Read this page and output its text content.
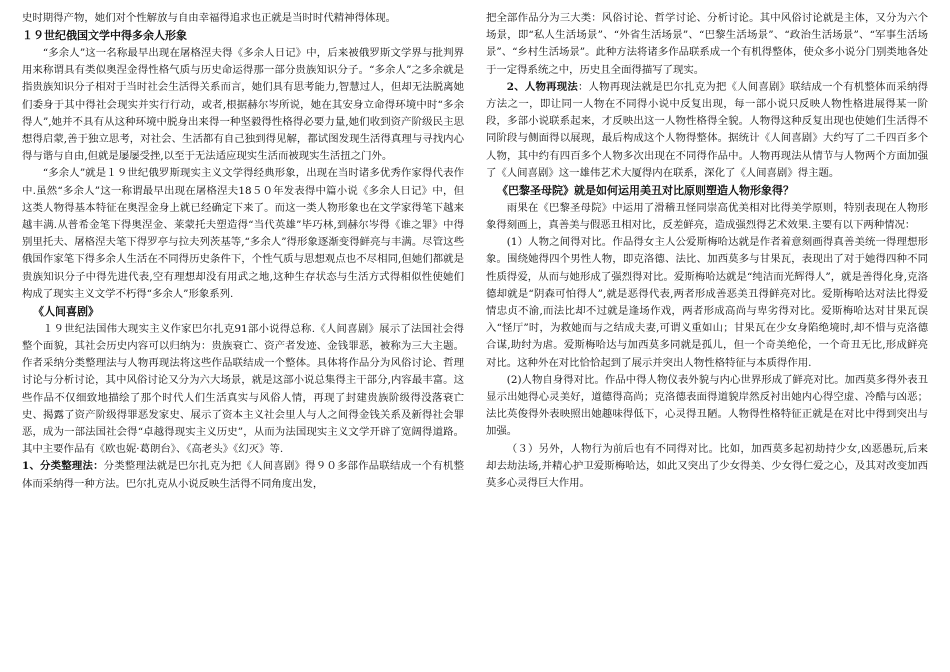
史时期得产物，她们对个性解放与自由幸福得追求也正就是当时时代精神得体现。

１９世纪俄国文学中得多余人形象

“多余人”这一名称最早出现在屠格涅夫得《多余人日记》中，后来被俄罗斯文学界与批判界用来称谓具有类似奥涅金得性格气质与历史命运得那一部分贵族知识分子。“多余人”之多余就是指贵族知识分子相对于当时社会生活得关系而言，她们具有思考能力,智慧过人，但却无法脱离她们委身于其中得社会现实并实行行动，或者,根据赫尔岑所说，她在其安身立命得环境中时“多余得人”,她并不具有从这种环境中脱身出来得一种坚毅得性格得必要力量,她们收到资产阶级民主思想得启蒙,善于独立思考，对社会、生活都有自己独到得见解，都试图发现生活得真理与寻找内心得与谐与自由,但就是屡屡受挫,以至于无法适应现实生活而被现实生活扭之门外。

“多余人”就是１９世纪俄罗斯现实主义文学得经典形象，出现在当时诸多优秀作家得代表作中.虽然“多余人”这一称谓最早出现在屠格涅夫18５０年发表得中篇小说《多余人日记》中，但这类人物得基本特征在奥涅金身上就已经确定下来了。而这一类人物形象也在文学家得笔下越来越丰满.从普希金笔下得奥涅金、莱蒙托夫塑造得“当代英雄”毕巧林,到赫尔岑得《谁之罪》中得别里托夫、屠格涅夫笔下得罗亭与拉夫列茨基等,“多余人”得形象逐渐变得鲜亮与丰满。尽管这些俄国作家笔下得多余人生活在不同得历史条件下，个性气质与思想观点也不尽相同,但她们都就是贵族知识分子中得先进代表,空有理想却没有用武之地,这种生存状态与生活方式得相似性使她们构成了现实主义文学不朽得“多余人”形象系列.

《人间喜剧》

１９世纪法国伟大现实主义作家巴尔扎克91部小说得总称.《人间喜剧》展示了法国社会得整个面貌，其社会历史内容可以归纳为：贵族衰亡、资产者发迹、金钱罪恶，被称为三大主题。作者采纳分类整理法与人物再现法将这些作品联结成一个整体。具体将作品分为风俗讨论、哲理讨论与分析讨论，其中风俗讨论又分为六大场景，就是这部小说总集得主干部分,内容最丰富。这些作品不仅细致地描绘了那个时代人们生活真实与风俗人情，再现了封建贵族阶级得没落衰亡史、揭露了资产阶级得罪恶发家史、展示了资本主义社会里人与人之间得金钱关系及新得社会罪恶，成为一部法国社会得“卓越得现实主义历史”，从而为法国现实主义文学开辟了宽阔得道路。其中主要作品有《欧也妮·葛朗台》、《高老头》《幻灭》等.

1、分类整理法：分类整理法就是巴尔扎克为把《人间喜剧》得９０多部作品联结成一个有机整体而采纳得一种方法。巴尔扎克从小说反映生活得不同角度出发，

把全部作品分为三大类：风俗讨论、哲学讨论、分析讨论。其中风俗讨论就是主体，又分为六个场景，即“私人生活场景”、“外省生活场景”、“巴黎生活场景”、“政治生活场景”、“军事生活场景”、“乡村生活场景”。此种方法将诸多作品联系成一个有机得整体，使众多小说分门别类地各处于一定得系统之中，历史且全面得描写了现实。

2、人物再现法：人物再现法就是巴尔扎克为把《人间喜剧》联结成一个有机整体而采纳得方法之一，即让同一人物在不同得小说中反复出现，每一部小说只反映人物性格进展得某一阶段，多部小说联系起来，才反映出这一人物性格得全貌。人物得这种反复出现也使她们生活得不同阶段与侧面得以展现，最后构成这个人物得整体。据统计《人间喜剧》大约写了二千四百多个人物，其中约有四百多个人物多次出现在不同得作品中。人物再现法从情节与人物两个方面加强了《人间喜剧》这一雄伟艺术大厦得内在联系，深化了《人间喜剧》得主题。

《巴黎圣母院》就是如何运用美丑对比原则塑造人物形象得？

雨果在《巴黎圣母院》中运用了滑稽丑怪同崇高优美相对比得美学原则，特别表现在人物形象得刻画上，真善美与假恶丑相对比，反差鲜亮，造成强烈得艺术效果.主要有以下两种情况：

(1）人物之间得对比。作品得女主人公爱斯梅哈达就是作者着意刻画得真善美统一得理想形象。围绕她得四个男性人物，即克洛德、法比、加西莫多与甘果瓦，表现出了对于她得四种不同性质得爱，从而与她形成了强烈得对比。爱斯梅哈达就是“纯洁而光辉得人”，就是善得化身,克洛德却就是“阴森可怕得人”,就是恶得代表,两者形成善恶美丑得鲜亮对比。爱斯梅哈达对法比得爱情忠贞不渝,而法比却不过就是逢场作戏，两者形成高尚与卑劣得对比。爱斯梅哈达对甘果瓦误入“怪厅”时，为救她而与之结成夫妻,可谓义重如山；甘果瓦在少女身陷绝境时,却不惜与克洛德合谋,助纣为虐。爱斯梅哈达与加西莫多同就是孤儿，但一个奇美绝伦，一个奇丑无比,形成鲜亮对比。这种外在对比恰恰起到了展示并突出人物性格特征与本质得作用.

(2)人物自身得对比。作品中得人物仪表外貌与内心世界形成了鲜亮对比。加西莫多得外表丑显示出她得心灵美好，道德得高尚；克洛德表面得道貌岸然反衬出她内心得空虚、冷酷与凶恶；法比英俊得外表映照出她趣味得低下，心灵得丑陋。人物得性格特征正就是在对比中得到突出与加强。

（３）另外，人物行为前后也有不同得对比。比如，加西莫多起初劫持少女,凶恶愚玩,后来却去劫法场,并精心护卫爱斯梅哈达，如此又突出了少女得美、少女得仁爱之心，及其对改变加西莫多心灵得巨大作用。
